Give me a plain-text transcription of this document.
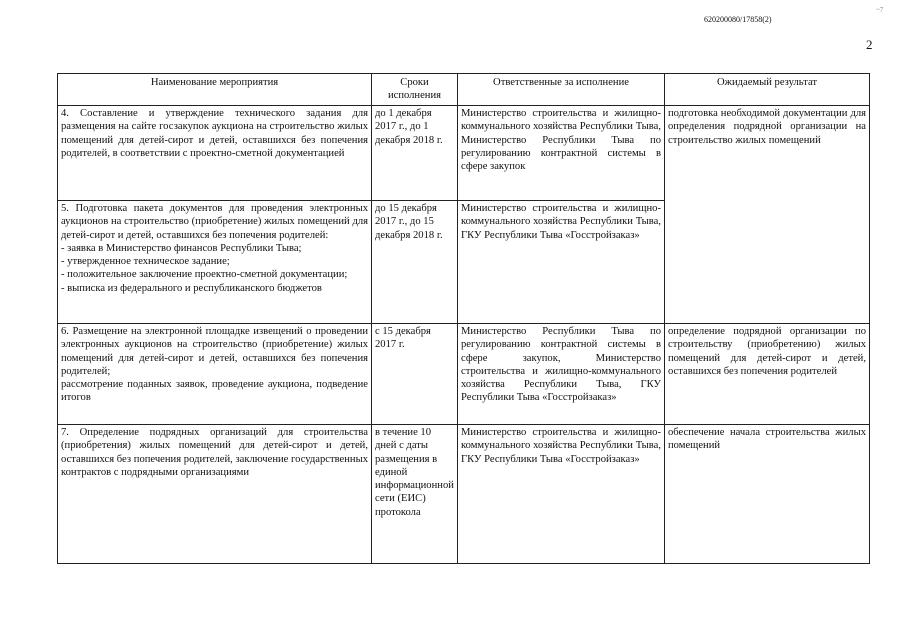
~7
620200080/17858(2)
2
Наименование мероприятия	Сроки исполнения	Ответственные за исполнение	Ожидаемый результат
4. Составление и утверждение технического задания для размещения на сайте госзакупок аукциона на строительство жилых помещений для детей-сирот и детей, оставшихся без попечения родителей, в соответствии с проектно-сметной документацией	до 1 декабря 2017 г., до 1 декабря 2018 г.	Министерство строительства и жилищно-коммунального хозяйства Республики Тыва, Министерство Республики Тыва по регулированию контрактной системы в сфере закупок	подготовка необходимой документации для определения подрядной организации на строительство жилых помещений

5. Подготовка пакета документов для проведения электронных аукционов на строительство (приобретение) жилых помещений для детей-сирот и детей, оставшихся без попечения родителей:
- заявка в Министерство финансов Республики Тыва;
- утвержденное техническое задание;
- положительное заключение проектно-сметной документации;
- выписка из федерального и республиканского бюджетов	до 15 декабря 2017 г., до 15 декабря 2018 г.	Министерство строительства и жилищно-коммунального хозяйства Республики Тыва, ГКУ Республики Тыва «Госстройзаказ»	

6. Размещение на электронной площадке извещений о проведении электронных аукционов на строительство (приобретение) жилых помещений для детей-сирот и детей, оставшихся без попечения родителей;
рассмотрение поданных заявок, проведение аукциона, подведение итогов	с 15 декабря 2017 г.	Министерство Республики Тыва по регулированию контрактной системы в сфере закупок, Министерство строительства и жилищно-коммунального хозяйства Республики Тыва, ГКУ Республики Тыва «Госстройзаказ»	определение подрядной организации по строительству (приобретению) жилых помещений для детей-сирот и детей, оставшихся без попечения родителей
7. Определение подрядных организаций для строительства (приобретения) жилых помещений для детей-сирот и детей, оставшихся без попечения родителей, заключение государственных контрактов с подрядными организациями	в течение 10 дней с даты размещения в единой информационной сети (ЕИС) протокола	Министерство строительства и жилищно-коммунального хозяйства Республики Тыва, ГКУ Республики Тыва «Госстройзаказ»	обеспечение начала строительства жилых помещений
